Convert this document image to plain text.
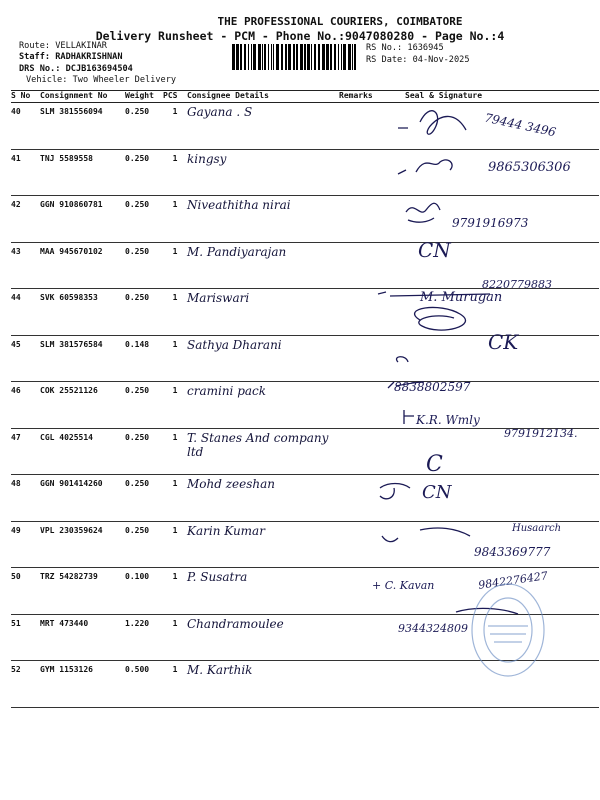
THE PROFESSIONAL COURIERS, COIMBATORE
Delivery Runsheet - PCM - Phone No.:9047080280 - Page No.:4
Route: VELLAKINAR
Staff: RADHAKRISHNAN
DRS No.: DCJB163694504
Vehicle: Two Wheeler Delivery
RS No.: 1636945
RS Date: 04-Nov-2025
S No	Consignment No	Weight	PCS	Consignee Details	Remarks	Seal & Signature
40	SLM 381556094	0.250	1	Gayana . S		
41	TNJ 5589558	0.250	1	kingsy		
42	GGN 910860781	0.250	1	Niveathitha nirai		
43	MAA 945670102	0.250	1	M. Pandiyarajan		
44	SVK 60598353	0.250	1	Mariswari		
45	SLM 381576584	0.148	1	Sathya Dharani		
46	COK 25521126	0.250	1	cramini pack		
47	CGL 4025514	0.250	1	T. Stanes And company ltd		
48	GGN 901414260	0.250	1	Mohd zeeshan		
49	VPL 230359624	0.250	1	Karin Kumar		
50	TRZ 54282739	0.100	1	P. Susatra		
51	MRT 473440	1.220	1	Chandramoulee		
52	GYM 1153126	0.500	1	M. Karthik		
79444 3496
9865306306
9791916973
CN
8220779883
M. Murugan
CK
8838802597
K.R. Wmly
9791912134.
C
CN
Husaarch
9843369777
+ C. Kavan	9842276427
9344324809
